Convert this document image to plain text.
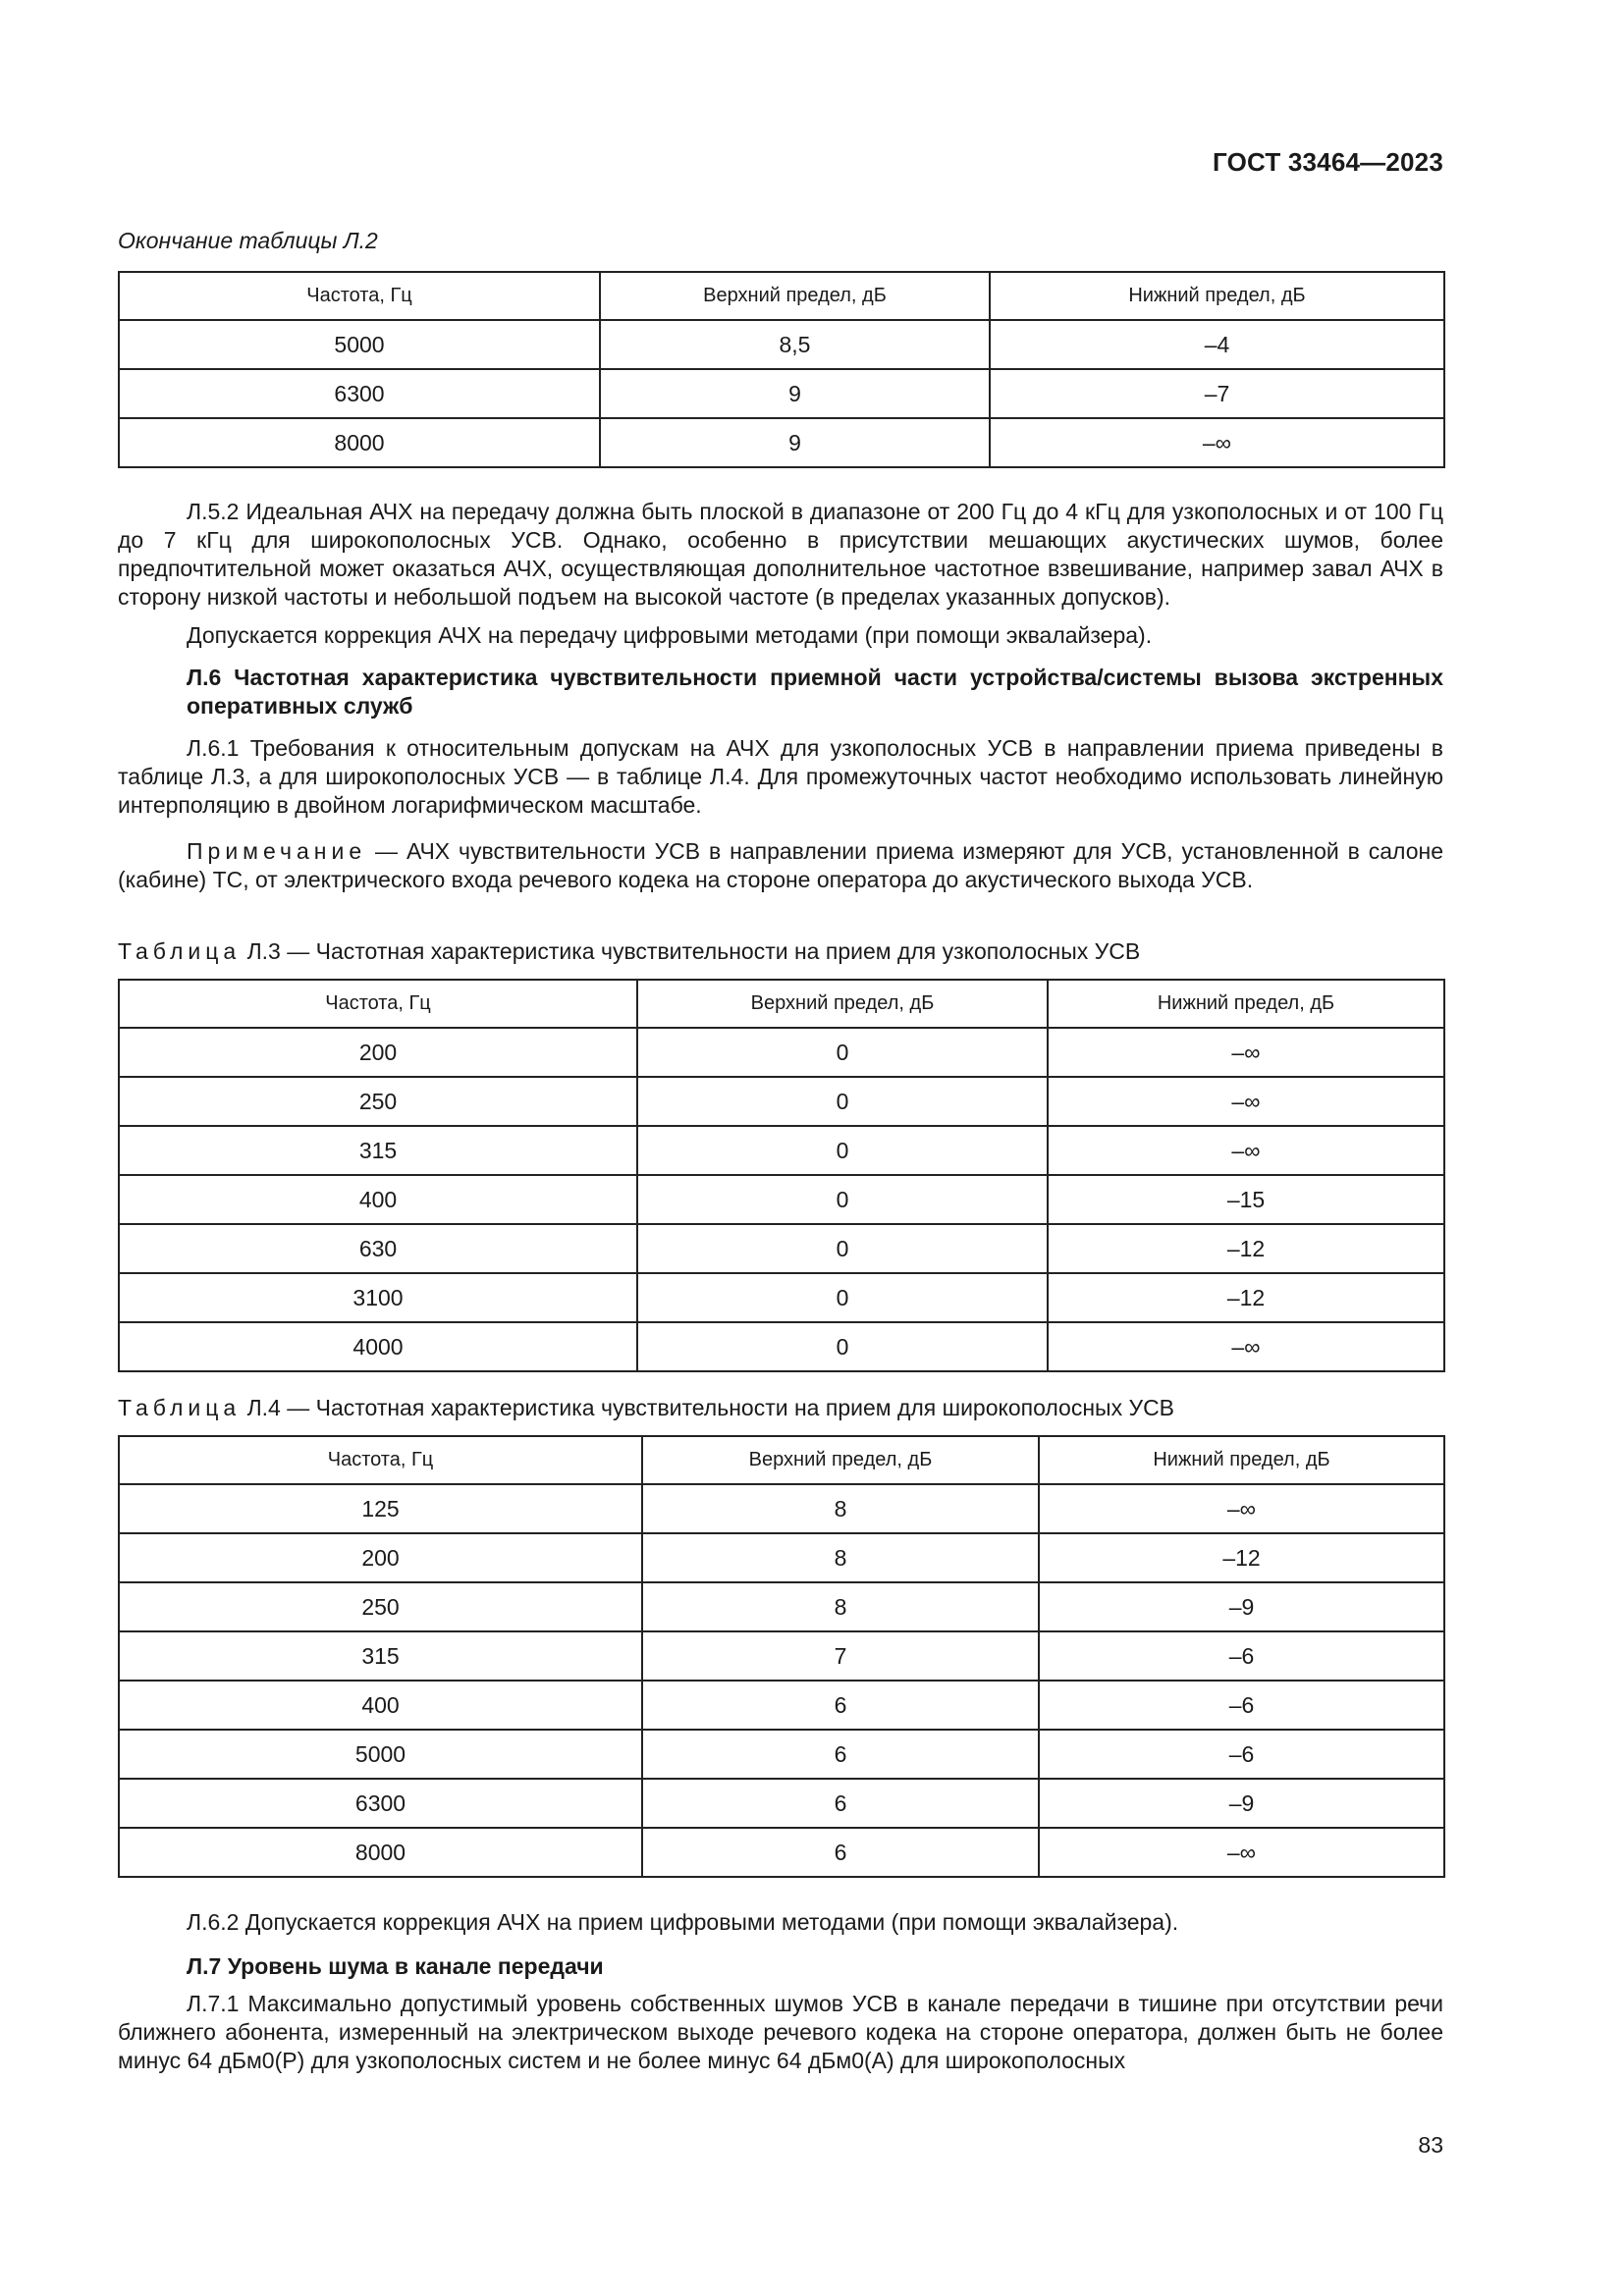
ГОСТ 33464—2023
Окончание таблицы Л.2
Частота, Гц	Верхний предел, дБ	Нижний предел, дБ
5000	8,5	–4
6300	9	–7
8000	9	–∞
Л.5.2 Идеальная АЧХ на передачу должна быть плоской в диапазоне от 200 Гц до 4 кГц для узкополосных и от 100 Гц до 7 кГц для широкополосных УСВ. Однако, особенно в присутствии мешающих акустических шумов, более предпочтительной может оказаться АЧХ, осуществляющая дополнительное частотное взвешивание, например завал АЧХ в сторону низкой частоты и небольшой подъем на высокой частоте (в пределах указанных допусков).
Допускается коррекция АЧХ на передачу цифровыми методами (при помощи эквалайзера).
Л.6 Частотная характеристика чувствительности приемной части устройства/системы вызова экстренных оперативных служб
Л.6.1 Требования к относительным допускам на АЧХ для узкополосных УСВ в направлении приема приведены в таблице Л.3, а для широкополосных УСВ — в таблице Л.4. Для промежуточных частот необходимо использовать линейную интерполяцию в двойном логарифмическом масштабе.
Примечание — АЧХ чувствительности УСВ в направлении приема измеряют для УСВ, установленной в салоне (кабине) ТС, от электрического входа речевого кодека на стороне оператора до акустического выхода УСВ.
Таблица Л.3 — Частотная характеристика чувствительности на прием для узкополосных УСВ
Частота, Гц	Верхний предел, дБ	Нижний предел, дБ
200	0	–∞
250	0	–∞
315	0	–∞
400	0	–15
630	0	–12
3100	0	–12
4000	0	–∞
Таблица Л.4 — Частотная характеристика чувствительности на прием для широкополосных УСВ
Частота, Гц	Верхний предел, дБ	Нижний предел, дБ
125	8	–∞
200	8	–12
250	8	–9
315	7	–6
400	6	–6
5000	6	–6
6300	6	–9
8000	6	–∞
Л.6.2 Допускается коррекция АЧХ на прием цифровыми методами (при помощи эквалайзера).
Л.7 Уровень шума в канале передачи
Л.7.1 Максимально допустимый уровень собственных шумов УСВ в канале передачи в тишине при отсутствии речи ближнего абонента, измеренный на электрическом выходе речевого кодека на стороне оператора, должен быть не более минус 64 дБм0(Р) для узкополосных систем и не более минус 64 дБм0(А) для широкополосных
83
